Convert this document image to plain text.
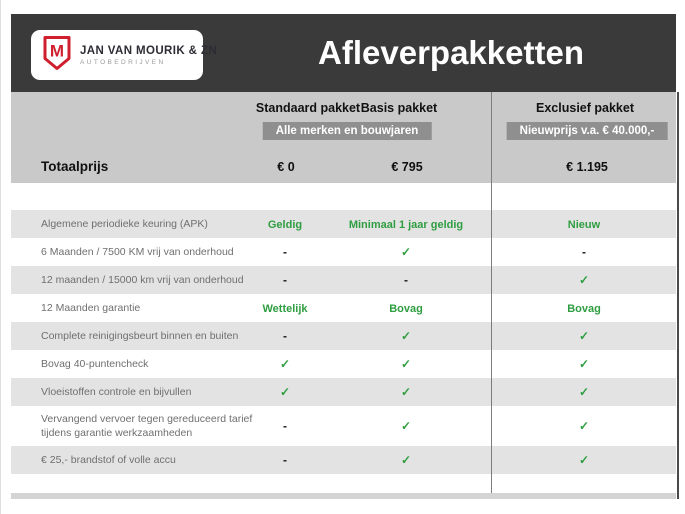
M JAN VAN MOURIK & ZN
AUTOBEDRIJVEN	Afleverpakketten
Standaard pakket Basis pakket	Exclusief pakket
Alle merken en bouwjaren	Nieuwprijs v.a. € 40.000,-
Totaalprijs	€ 0	€ 795	€ 1.195
Algemene periodieke keuring (APK)	Geldig	Minimaal 1 jaar geldig	Nieuw
6 Maanden / 7500 KM vrij van onderhoud	-	✓	-
12 maanden / 15000 km vrij van onderhoud	-	-	✓
12 Maanden garantie	Wettelijk	Bovag	Bovag
Complete reinigingsbeurt binnen en buiten	-	✓	✓
Bovag 40-puntencheck	✓	✓	✓
Vloeistoffen controle en bijvullen	✓	✓	✓
Vervangend vervoer tegen gereduceerd tarief tijdens garantie werkzaamheden	-	✓	✓
€ 25,- brandstof of volle accu	-	✓	✓
